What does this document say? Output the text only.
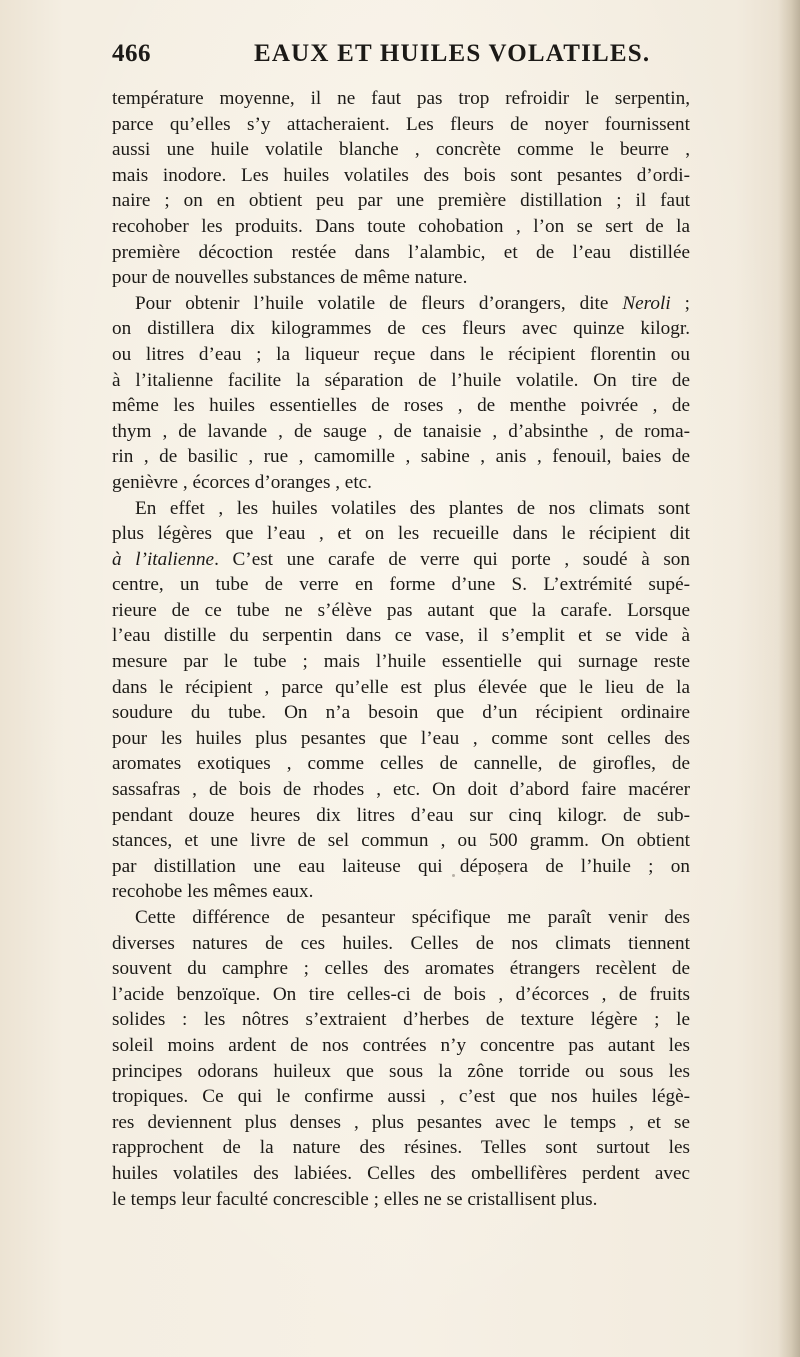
466	EAUX ET HUILES VOLATILES.
température moyenne, il ne faut pas trop refroidir le serpentin,
parce qu’elles s’y attacheraient. Les fleurs de noyer fournissent
aussi une huile volatile blanche , concrète comme le beurre ,
mais inodore. Les huiles volatiles des bois sont pesantes d’ordi-
naire ; on en obtient peu par une première distillation ; il faut
recohober les produits. Dans toute cohobation , l’on se sert de la
première décoction restée dans l’alambic, et de l’eau distillée
pour de nouvelles substances de même nature.
Pour obtenir l’huile volatile de fleurs d’orangers, dite Neroli ;
on distillera dix kilogrammes de ces fleurs avec quinze kilogr.
ou litres d’eau ; la liqueur reçue dans le récipient florentin ou
à l’italienne facilite la séparation de l’huile volatile. On tire de
même les huiles essentielles de roses , de menthe poivrée , de
thym , de lavande , de sauge , de tanaisie , d’absinthe , de roma-
rin , de basilic , rue , camomille , sabine , anis , fenouil, baies de
genièvre , écorces d’oranges , etc.
En effet , les huiles volatiles des plantes de nos climats sont
plus légères que l’eau , et on les recueille dans le récipient dit
à l’italienne. C’est une carafe de verre qui porte , soudé à son
centre, un tube de verre en forme d’une S. L’extrémité supé-
rieure de ce tube ne s’élève pas autant que la carafe. Lorsque
l’eau distille du serpentin dans ce vase, il s’emplit et se vide à
mesure par le tube ; mais l’huile essentielle qui surnage reste
dans le récipient , parce qu’elle est plus élevée que le lieu de la
soudure du tube. On n’a besoin que d’un récipient ordinaire
pour les huiles plus pesantes que l’eau , comme sont celles des
aromates exotiques , comme celles de cannelle, de girofles, de
sassafras , de bois de rhodes , etc. On doit d’abord faire macérer
pendant douze heures dix litres d’eau sur cinq kilogr. de sub-
stances, et une livre de sel commun , ou 500 gramm. On obtient
par distillation une eau laiteuse qui déposera de l’huile ; on
recohobe les mêmes eaux.
Cette différence de pesanteur spécifique me paraît venir des
diverses natures de ces huiles. Celles de nos climats tiennent
souvent du camphre ; celles des aromates étrangers recèlent de
l’acide benzoïque. On tire celles-ci de bois , d’écorces , de fruits
solides : les nôtres s’extraient d’herbes de texture légère ; le
soleil moins ardent de nos contrées n’y concentre pas autant les
principes odorans huileux que sous la zône torride ou sous les
tropiques. Ce qui le confirme aussi , c’est que nos huiles légè-
res deviennent plus denses , plus pesantes avec le temps , et se
rapprochent de la nature des résines. Telles sont surtout les
huiles volatiles des labiées. Celles des ombellifères perdent avec
le temps leur faculté concrescible ; elles ne se cristallisent plus.
